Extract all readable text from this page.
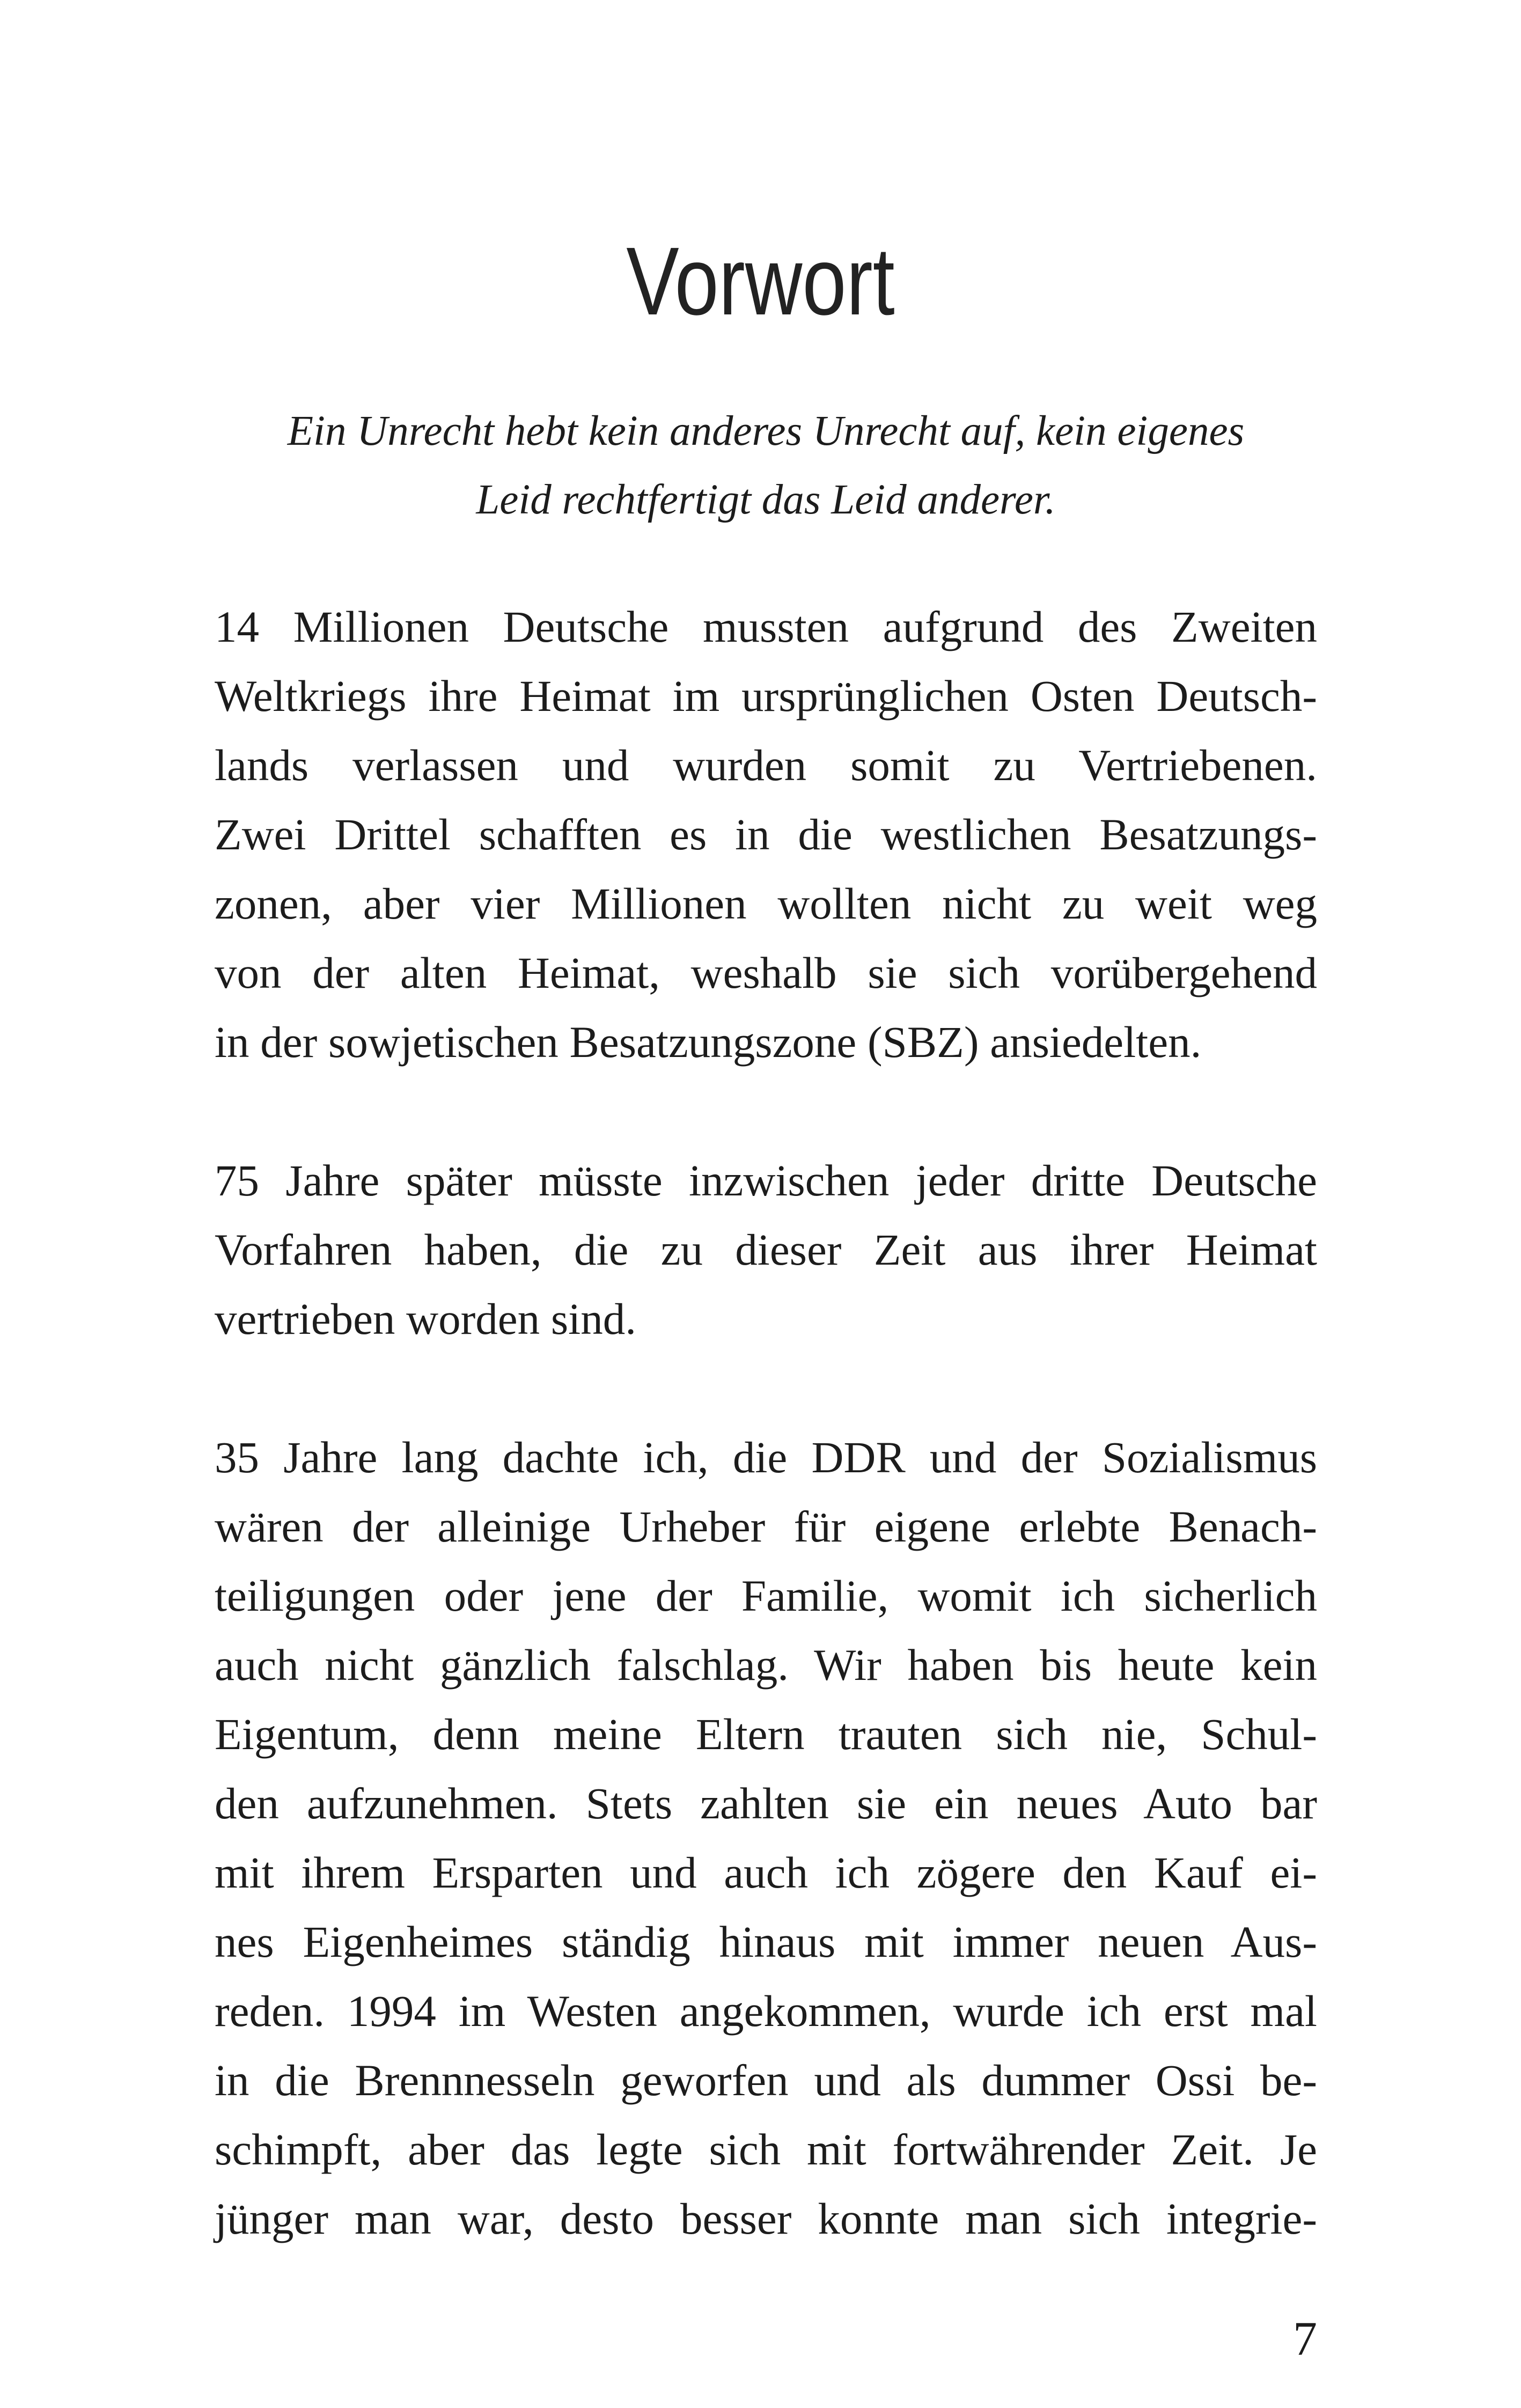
Vorwort
Ein Unrecht hebt kein anderes Unrecht auf, kein eigenes
Leid rechtfertigt das Leid anderer.

14 Millionen Deutsche mussten aufgrund des Zweiten
Weltkriegs ihre Heimat im ursprünglichen Osten Deutsch-
lands verlassen und wurden somit zu Vertriebenen.
Zwei Drittel schafften es in die westlichen Besatzungs-
zonen, aber vier Millionen wollten nicht zu weit weg
von der alten Heimat, weshalb sie sich vorübergehend
in der sowjetischen Besatzungszone (SBZ) ansiedelten.

75 Jahre später müsste inzwischen jeder dritte Deutsche
Vorfahren haben, die zu dieser Zeit aus ihrer Heimat
vertrieben worden sind.

35 Jahre lang dachte ich, die DDR und der Sozialismus
wären der alleinige Urheber für eigene erlebte Benach-
teiligungen oder jene der Familie, womit ich sicherlich
auch nicht gänzlich falschlag. Wir haben bis heute kein
Eigentum, denn meine Eltern trauten sich nie, Schul-
den aufzunehmen. Stets zahlten sie ein neues Auto bar
mit ihrem Ersparten und auch ich zögere den Kauf ei-
nes Eigenheimes ständig hinaus mit immer neuen Aus-
reden. 1994 im Westen angekommen, wurde ich erst mal
in die Brennnesseln geworfen und als dummer Ossi be-
schimpft, aber das legte sich mit fortwährender Zeit. Je
jünger man war, desto besser konnte man sich integrie-

7
